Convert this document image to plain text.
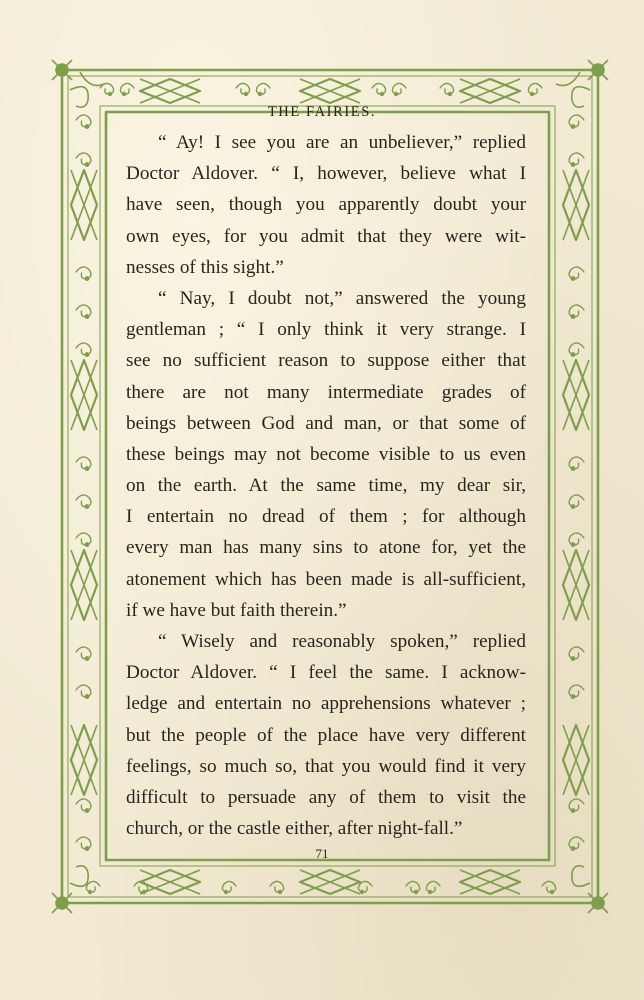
THE FAIRIES.
“ Ay! I see you are an unbeliever,” replied
Doctor Aldover. “ I, however, believe what I
have seen, though you apparently doubt your
own eyes, for you admit that they were wit-
nesses of this sight.”
“ Nay, I doubt not,” answered the young
gentleman ; “ I only think it very strange. I
see no sufficient reason to suppose either that
there are not many intermediate grades of
beings between God and man, or that some of
these beings may not become visible to us even
on the earth. At the same time, my dear sir,
I entertain no dread of them ; for although
every man has many sins to atone for, yet the
atonement which has been made is all-sufficient,
if we have but faith therein.”
“ Wisely and reasonably spoken,” replied
Doctor Aldover. “ I feel the same. I acknow-
ledge and entertain no apprehensions whatever ;
but the people of the place have very different
feelings, so much so, that you would find it very
difficult to persuade any of them to visit the
church, or the castle either, after night-fall.”
71
